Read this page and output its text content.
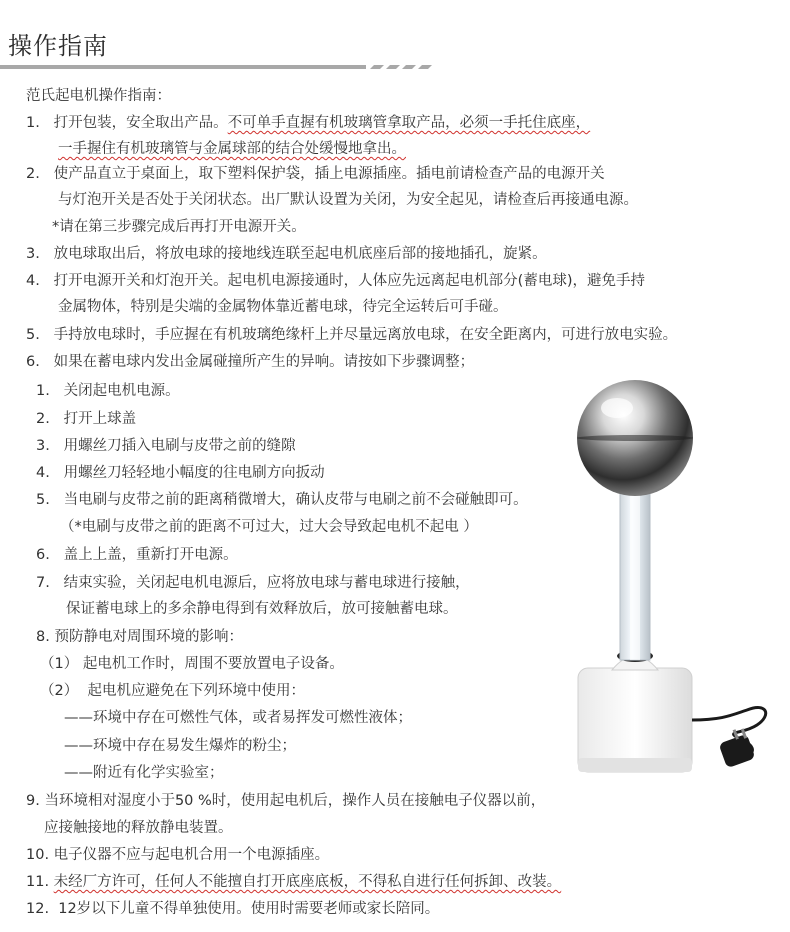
操作指南
范氏起电机操作指南：
1. 打开包装，安全取出产品。不可单手直握有机玻璃管拿取产品，必须一手托住底座，
一手握住有机玻璃管与金属球部的结合处缓慢地拿出。
2. 使产品直立于桌面上，取下塑料保护袋，插上电源插座。插电前请检查产品的电源开关
与灯泡开关是否处于关闭状态。出厂默认设置为关闭，为安全起见，请检查后再接通电源。
*请在第三步骤完成后再打开电源开关。
3. 放电球取出后，将放电球的接地线连联至起电机底座后部的接地插孔，旋紧。
4. 打开电源开关和灯泡开关。起电机电源接通时，人体应先远离起电机部分(蓄电球)，避免手持
金属物体，特别是尖端的金属物体靠近蓄电球，待完全运转后可手碰。
5. 手持放电球时，手应握在有机玻璃绝缘杆上并尽量远离放电球，在安全距离内，可进行放电实验。
6. 如果在蓄电球内发出金属碰撞所产生的异响。请按如下步骤调整；
1. 关闭起电机电源。
2. 打开上球盖
3. 用螺丝刀插入电刷与皮带之前的缝隙
4. 用螺丝刀轻轻地小幅度的往电刷方向扳动
5. 当电刷与皮带之前的距离稍微增大，确认皮带与电刷之前不会碰触即可。
（*电刷与皮带之前的距离不可过大，过大会导致起电机不起电 ）
6. 盖上上盖，重新打开电源。
7. 结束实验，关闭起电机电源后，应将放电球与蓄电球进行接触，
保证蓄电球上的多余静电得到有效释放后，放可接触蓄电球。
8. 预防静电对周围环境的影响：
（1） 起电机工作时，周围不要放置电子设备。
（2） 起电机应避免在下列环境中使用：
——环境中存在可燃性气体，或者易挥发可燃性液体；
——环境中存在易发生爆炸的粉尘；
——附近有化学实验室；
9. 当环境相对湿度小于50 %时，使用起电机后，操作人员在接触电子仪器以前，
应接触接地的释放静电装置。
10. 电子仪器不应与起电机合用一个电源插座。
11. 未经厂方许可，任何人不能擅自打开底座底板，不得私自进行任何拆卸、改装。
12. 12岁以下儿童不得单独使用。使用时需要老师或家长陪同。
